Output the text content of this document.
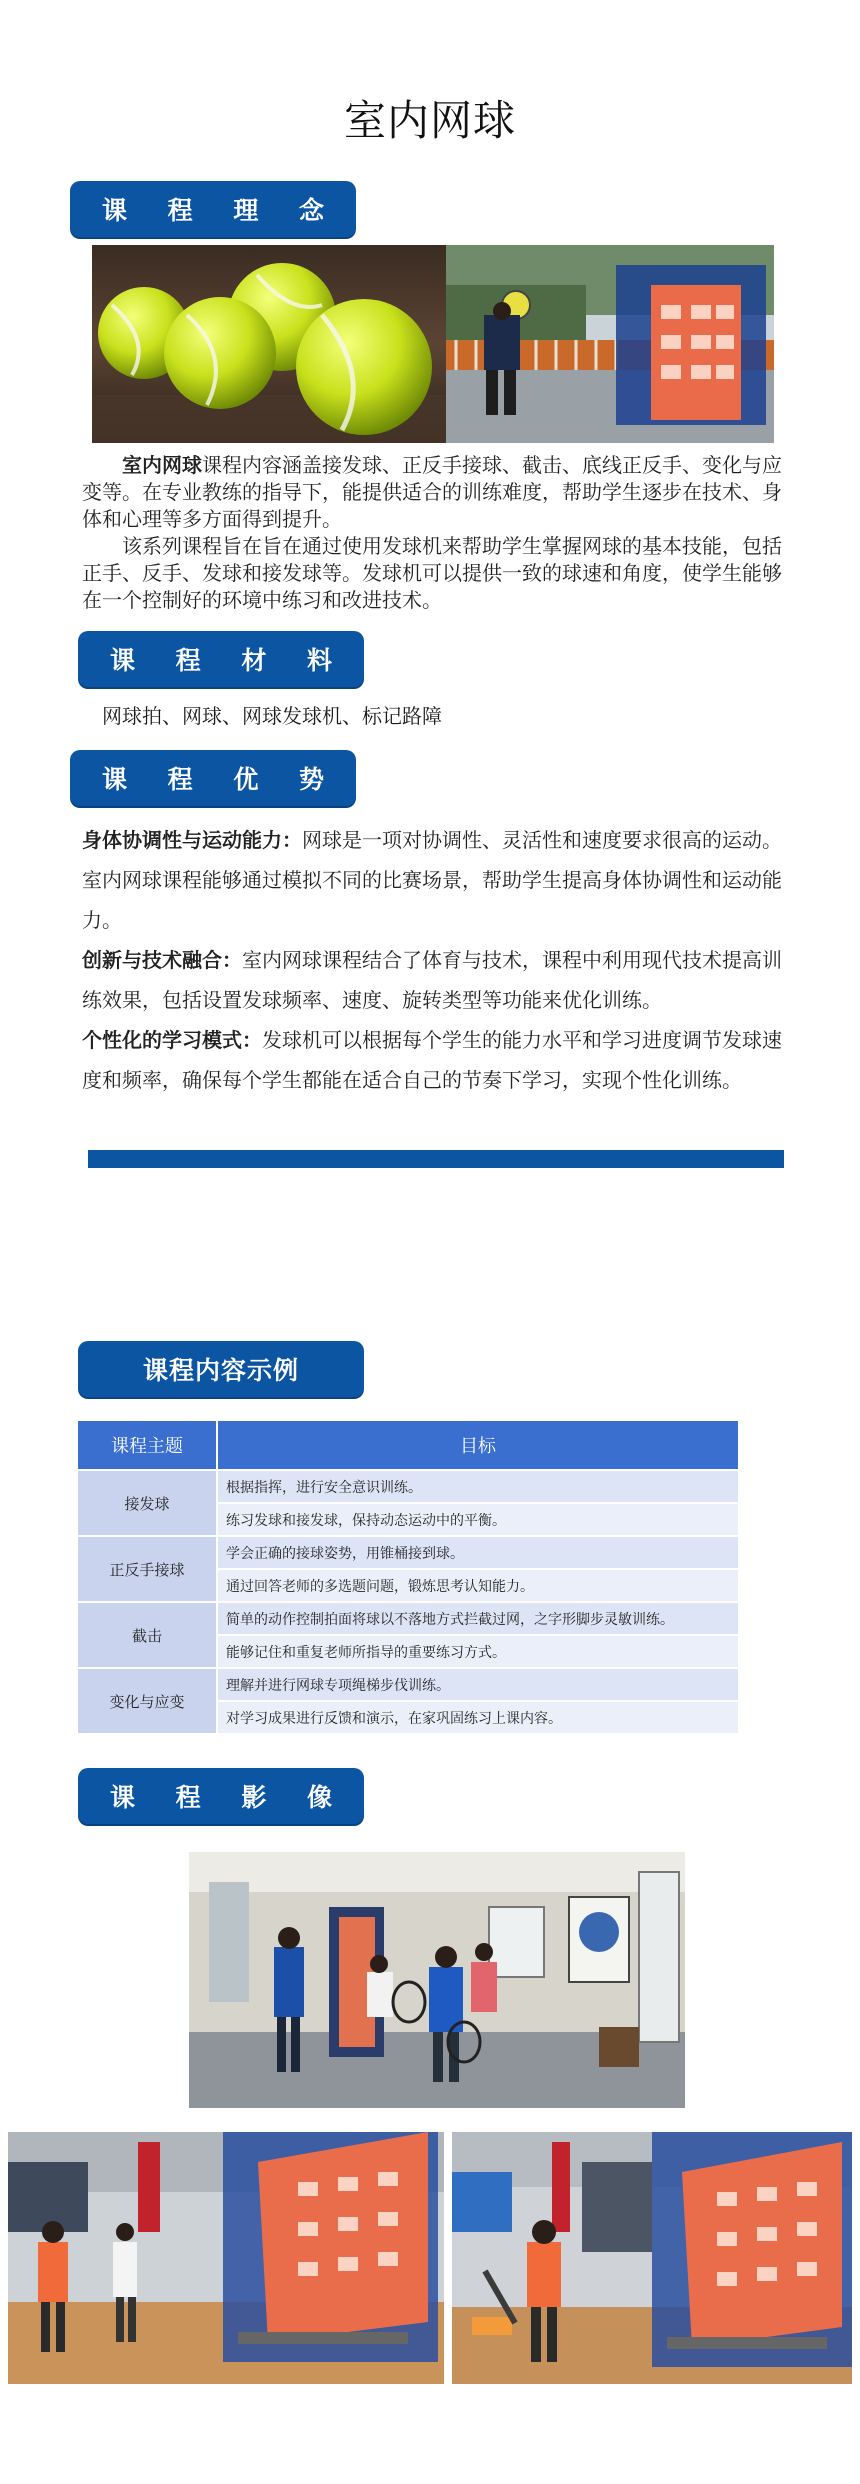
室内网球
课 程 理 念

室内网球课程内容涵盖接发球、正反手接球、截击、底线正反手、变化与应变等。在专业教练的指导下，能提供适合的训练难度，帮助学生逐步在技术、身体和心理等多方面得到提升。

该系列课程旨在旨在通过使用发球机来帮助学生掌握网球的基本技能，包括正手、反手、发球和接发球等。发球机可以提供一致的球速和角度，使学生能够在一个控制好的环境中练习和改进技术。

课 程 材 料
网球拍、网球、网球发球机、标记路障
课 程 优 势

身体协调性与运动能力：网球是一项对协调性、灵活性和速度要求很高的运动。室内网球课程能够通过模拟不同的比赛场景，帮助学生提高身体协调性和运动能力。

创新与技术融合：室内网球课程结合了体育与技术，课程中利用现代技术提高训练效果，包括设置发球频率、速度、旋转类型等功能来优化训练。

个性化的学习模式：发球机可以根据每个学生的能力水平和学习进度调节发球速度和频率，确保每个学生都能在适合自己的节奏下学习，实现个性化训练。

课程内容示例
课程主题	目标
接发球	根据指挥，进行安全意识训练。
	练习发球和接发球，保持动态运动中的平衡。
正反手接球	学会正确的接球姿势，用锥桶接到球。
	通过回答老师的多选题问题，锻炼思考认知能力。
截击	简单的动作控制拍面将球以不落地方式拦截过网，之字形脚步灵敏训练。
	能够记住和重复老师所指导的重要练习方式。
变化与应变	理解并进行网球专项绳梯步伐训练。
	对学习成果进行反馈和演示，在家巩固练习上课内容。
课 程 影 像
